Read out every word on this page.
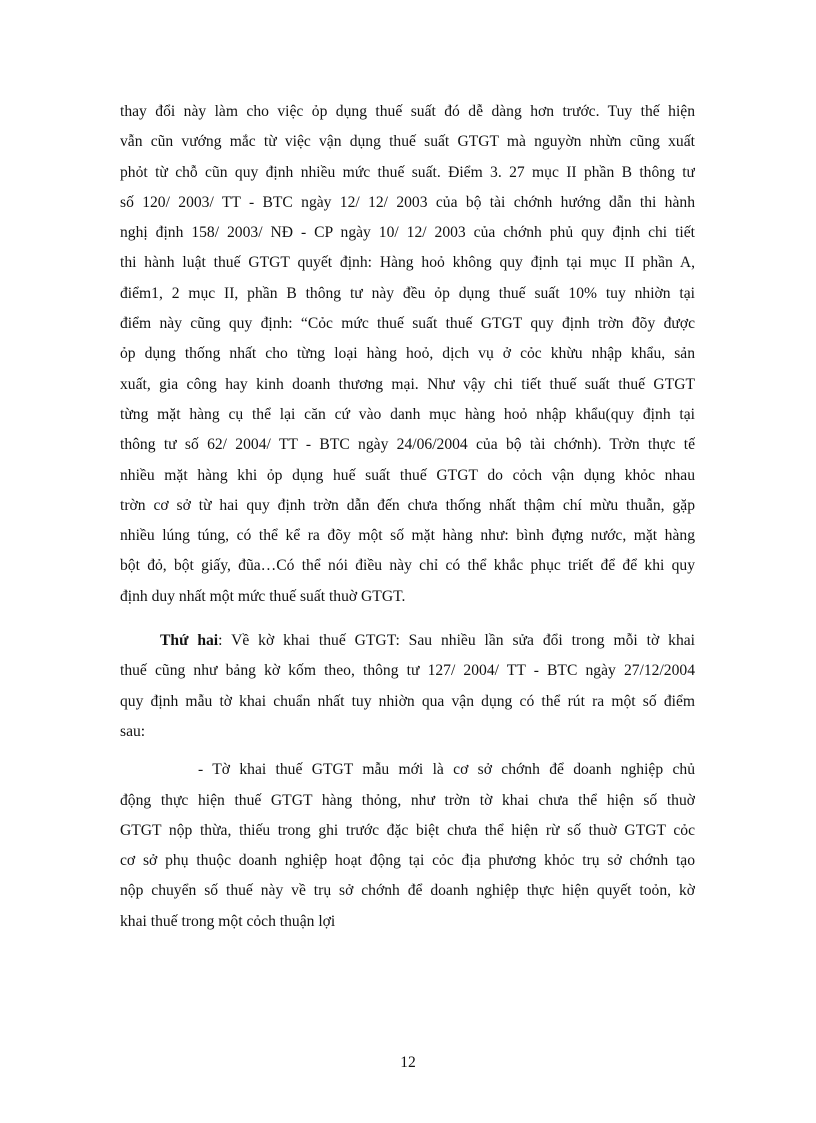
thay đổi này làm cho việc ỏp dụng thuế suất đó dễ dàng hơn trước. Tuy thế hiện
vẫn cũn vướng mắc từ việc vận dụng thuế suất GTGT mà nguyờn nhừn cũng xuất
phỏt từ chỗ cũn quy định nhiều mức thuế suất. Điểm 3. 27 mục II phần B thông tư
số 120/ 2003/ TT - BTC ngày 12/ 12/ 2003 của bộ tài chớnh hướng dẫn thi hành
nghị định 158/ 2003/ NĐ - CP ngày 10/ 12/ 2003 của chớnh phủ quy định chi tiết
thi hành luật thuế GTGT quyết định: Hàng hoỏ không quy định tại mục II phần A,
điểm1, 2 mục II, phần B thông tư này đều ỏp dụng thuế suất 10% tuy nhiờn tại
điểm này cũng quy định: “Cỏc mức thuế suất thuế GTGT quy định trờn đõy được
ỏp dụng thống nhất cho từng loại hàng hoỏ, dịch vụ ở cỏc khừu nhập khẩu, sản
xuất, gia công hay kinh doanh thương mại. Như vậy chi tiết thuế suất thuế GTGT
từng mặt hàng cụ thể lại căn cứ vào danh mục hàng hoỏ nhập khẩu(quy định tại
thông tư số 62/ 2004/ TT - BTC ngày 24/06/2004 của bộ tài chớnh). Trờn thực tế
nhiều mặt hàng khi ỏp dụng huế suất thuế GTGT do cỏch vận dụng khỏc nhau
trờn cơ sở từ hai quy định trờn dẫn đến chưa thống nhất thậm chí mừu thuẫn, gặp
nhiều lúng túng, có thể kể ra đõy một số mặt hàng như: bình đựng nước, mặt hàng
bột đỏ, bột giấy, đũa…Có thể nói điều này chỉ có thể khắc phục triết để để khi quy
định duy nhất một mức thuế suất thuờ GTGT.
Thứ hai: Về kờ khai thuế GTGT: Sau nhiều lần sửa đổi trong mỗi tờ khai
thuế cũng như bảng kờ kốm theo, thông tư 127/ 2004/ TT - BTC ngày 27/12/2004
quy định mẫu tờ khai chuẩn nhất tuy nhiờn qua vận dụng có thể rút ra một số điểm
sau:
- Tờ khai thuế GTGT mẫu mới là cơ sở chớnh để doanh nghiệp chủ
động thực hiện thuế GTGT hàng thỏng, như trờn tờ khai chưa thể hiện số thuờ
GTGT nộp thừa, thiếu trong ghi trước đặc biệt chưa thể hiện rừ số thuờ GTGT cỏc
cơ sở phụ thuộc doanh nghiệp hoạt động tại cỏc địa phương khỏc trụ sở chớnh tạo
nộp chuyển số thuế này về trụ sở chớnh để doanh nghiệp thực hiện quyết toỏn, kờ
khai thuế trong một cỏch thuận lợi
12
